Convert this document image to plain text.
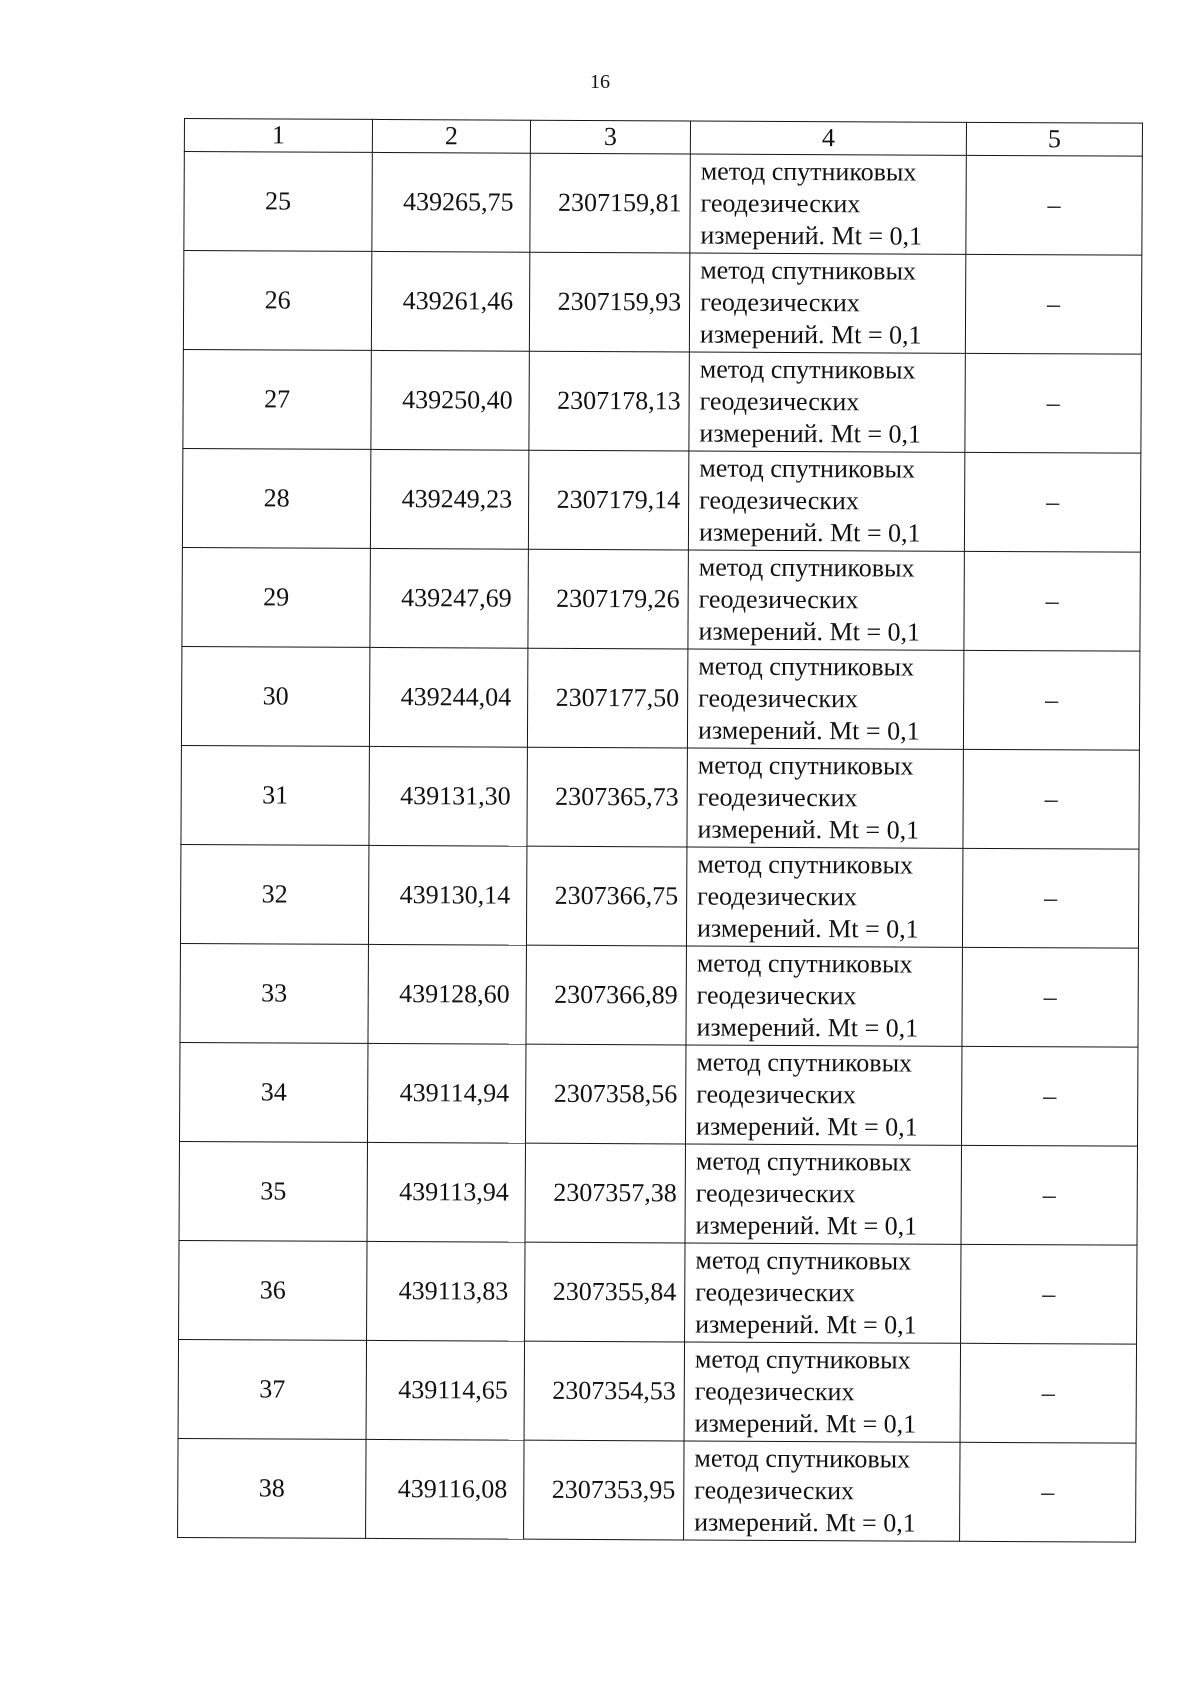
16
1	2	3	4	5
25	439265,75	2307159,81	метод спутниковых
геодезических
измерений. Mt = 0,1	–
26	439261,46	2307159,93	метод спутниковых
геодезических
измерений. Mt = 0,1	–
27	439250,40	2307178,13	метод спутниковых
геодезических
измерений. Mt = 0,1	–
28	439249,23	2307179,14	метод спутниковых
геодезических
измерений. Mt = 0,1	–
29	439247,69	2307179,26	метод спутниковых
геодезических
измерений. Mt = 0,1	–
30	439244,04	2307177,50	метод спутниковых
геодезических
измерений. Mt = 0,1	–
31	439131,30	2307365,73	метод спутниковых
геодезических
измерений. Mt = 0,1	–
32	439130,14	2307366,75	метод спутниковых
геодезических
измерений. Mt = 0,1	–
33	439128,60	2307366,89	метод спутниковых
геодезических
измерений. Mt = 0,1	–
34	439114,94	2307358,56	метод спутниковых
геодезических
измерений. Mt = 0,1	–
35	439113,94	2307357,38	метод спутниковых
геодезических
измерений. Mt = 0,1	–
36	439113,83	2307355,84	метод спутниковых
геодезических
измерений. Mt = 0,1	–
37	439114,65	2307354,53	метод спутниковых
геодезических
измерений. Mt = 0,1	–
38	439116,08	2307353,95	метод спутниковых
геодезических
измерений. Mt = 0,1	–
